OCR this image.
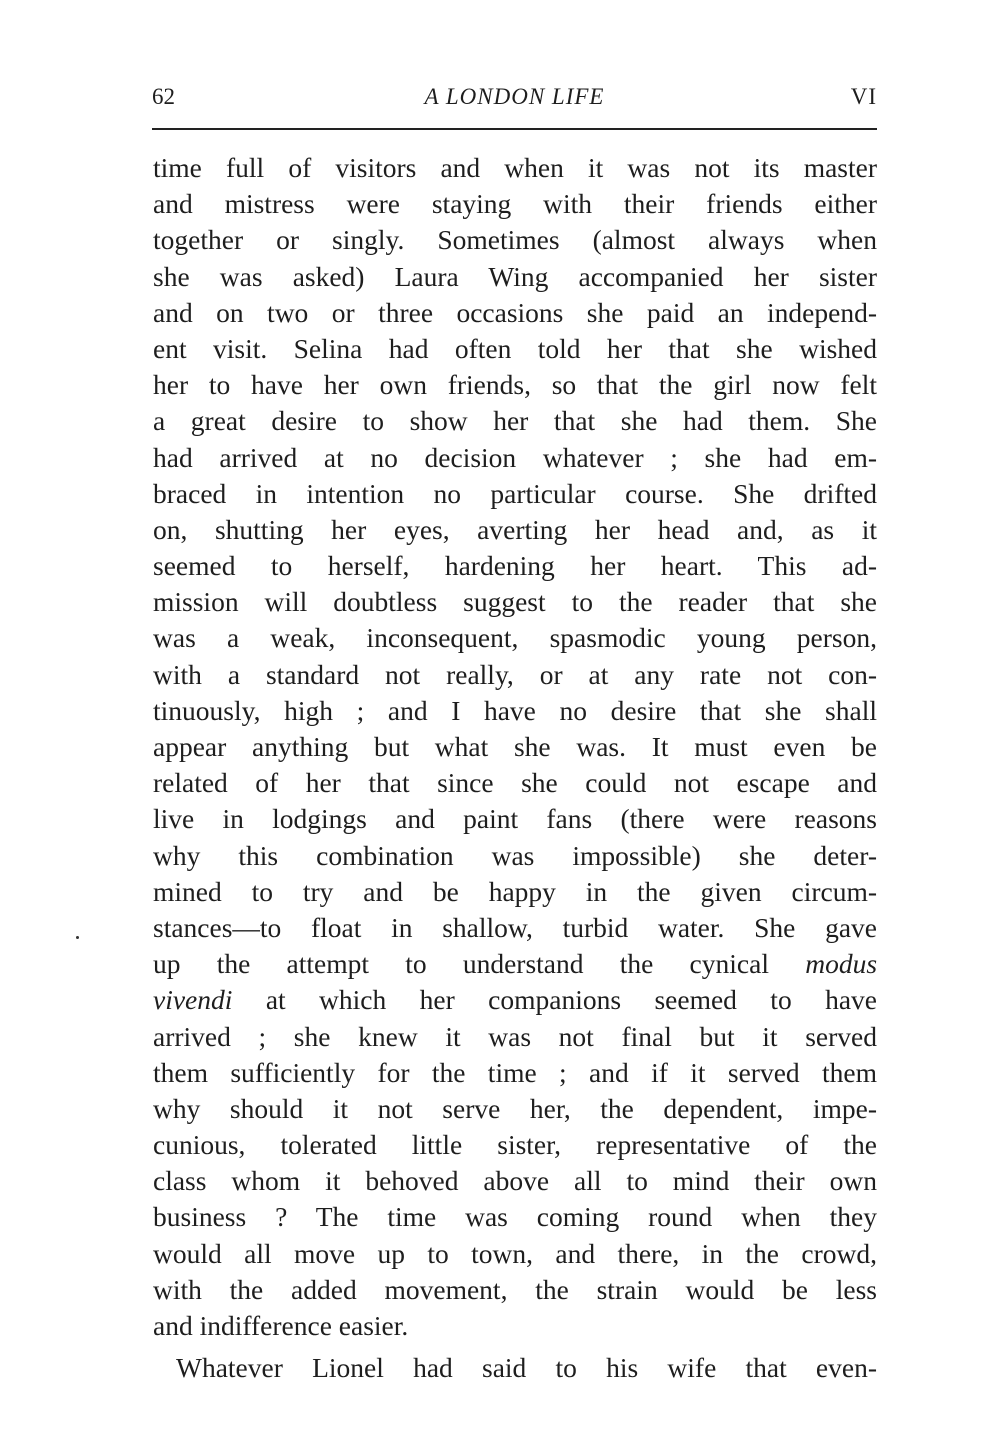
62	A LONDON LIFE	VI
time full of visitors and when it was not its master
and mistress were staying with their friends either
together or singly. Sometimes (almost always when
she was asked) Laura Wing accompanied her sister
and on two or three occasions she paid an independ-
ent visit. Selina had often told her that she wished
her to have her own friends, so that the girl now felt
a great desire to show her that she had them. She
had arrived at no decision whatever ; she had em-
braced in intention no particular course. She drifted
on, shutting her eyes, averting her head and, as it
seemed to herself, hardening her heart. This ad-
mission will doubtless suggest to the reader that she
was a weak, inconsequent, spasmodic young person,
with a standard not really, or at any rate not con-
tinuously, high ; and I have no desire that she shall
appear anything but what she was. It must even be
related of her that since she could not escape and
live in lodgings and paint fans (there were reasons
why this combination was impossible) she deter-
mined to try and be happy in the given circum-
stances—to float in shallow, turbid water. She gave
up the attempt to understand the cynical modus
vivendi at which her companions seemed to have
arrived ; she knew it was not final but it served
them sufficiently for the time ; and if it served them
why should it not serve her, the dependent, impe-
cunious, tolerated little sister, representative of the
class whom it behoved above all to mind their own
business ? The time was coming round when they
would all move up to town, and there, in the crowd,
with the added movement, the strain would be less
and indifference easier.
Whatever Lionel had said to his wife that even-
